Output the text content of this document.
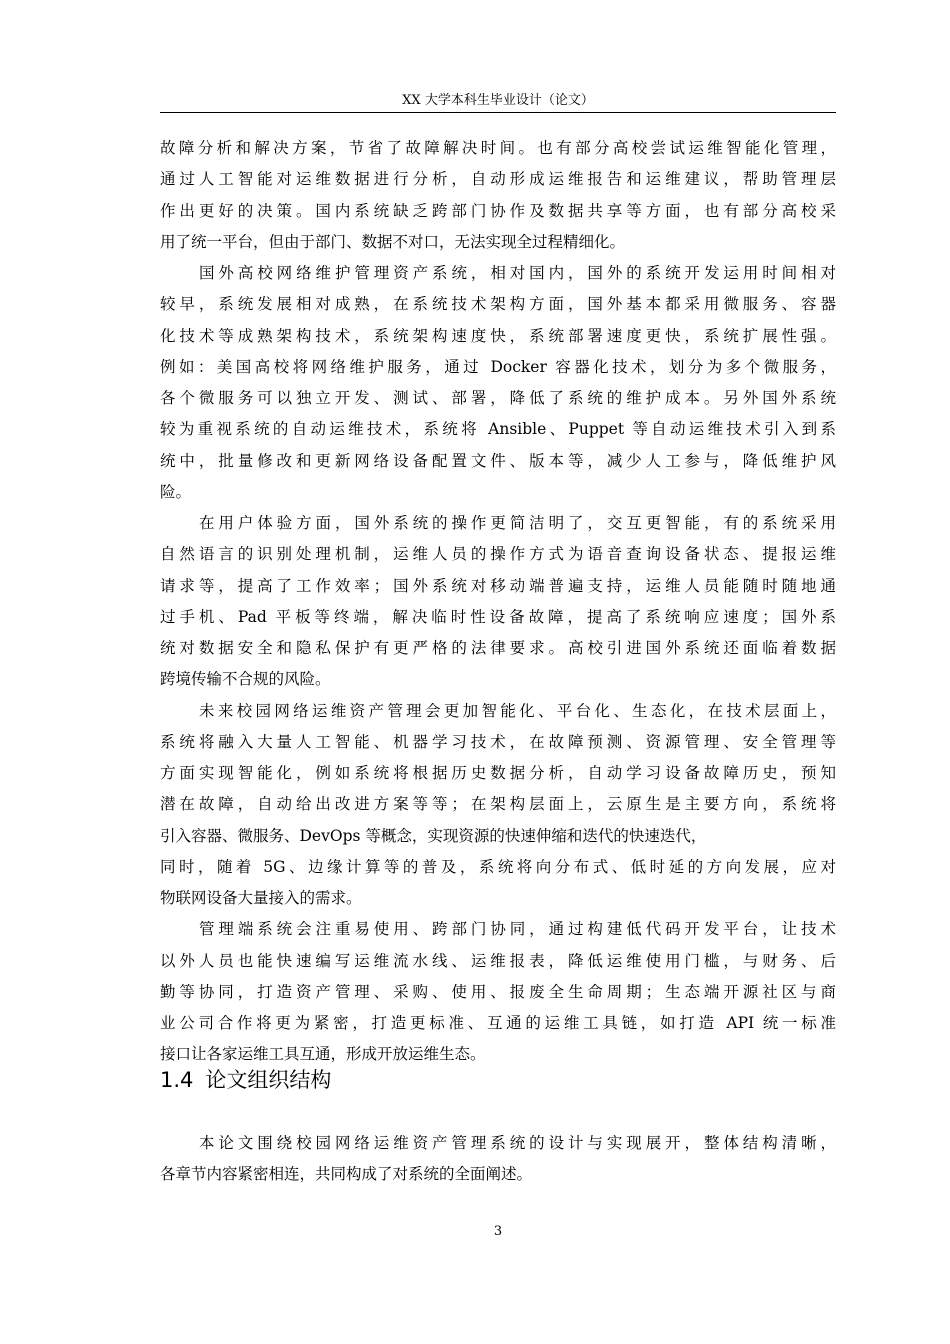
XX 大学本科生毕业设计（论文）
故障分析和解决方案，节省了故障解决时间。也有部分高校尝试运维智能化管理，
通过人工智能对运维数据进行分析，自动形成运维报告和运维建议，帮助管理层
作出更好的决策。国内系统缺乏跨部门协作及数据共享等方面，也有部分高校采
用了统一平台，但由于部门、数据不对口，无法实现全过程精细化。
国外高校网络维护管理资产系统，相对国内，国外的系统开发运用时间相对
较早，系统发展相对成熟，在系统技术架构方面，国外基本都采用微服务、容器
化技术等成熟架构技术，系统架构速度快，系统部署速度更快，系统扩展性强。
例如：美国高校将网络维护服务，通过 Docker 容器化技术，划分为多个微服务，
各个微服务可以独立开发、测试、部署，降低了系统的维护成本。另外国外系统
较为重视系统的自动运维技术，系统将 Ansible、Puppet 等自动运维技术引入到系
统中，批量修改和更新网络设备配置文件、版本等，减少人工参与，降低维护风
险。
在用户体验方面，国外系统的操作更简洁明了，交互更智能，有的系统采用
自然语言的识别处理机制，运维人员的操作方式为语音查询设备状态、提报运维
请求等，提高了工作效率；国外系统对移动端普遍支持，运维人员能随时随地通
过手机、Pad 平板等终端，解决临时性设备故障，提高了系统响应速度；国外系
统对数据安全和隐私保护有更严格的法律要求。高校引进国外系统还面临着数据
跨境传输不合规的风险。
未来校园网络运维资产管理会更加智能化、平台化、生态化，在技术层面上，
系统将融入大量人工智能、机器学习技术，在故障预测、资源管理、安全管理等
方面实现智能化，例如系统将根据历史数据分析，自动学习设备故障历史，预知
潜在故障，自动给出改进方案等等；在架构层面上，云原生是主要方向，系统将
引入容器、微服务、DevOps 等概念，实现资源的快速伸缩和迭代的快速迭代，
同时，随着 5G、边缘计算等的普及，系统将向分布式、低时延的方向发展，应对
物联网设备大量接入的需求。
管理端系统会注重易使用、跨部门协同，通过构建低代码开发平台，让技术
以外人员也能快速编写运维流水线、运维报表，降低运维使用门槛，与财务、后
勤等协同，打造资产管理、采购、使用、报废全生命周期；生态端开源社区与商
业公司合作将更为紧密，打造更标准、互通的运维工具链，如打造 API 统一标准
接口让各家运维工具互通，形成开放运维生态。
1.4 论文组织结构
本论文围绕校园网络运维资产管理系统的设计与实现展开，整体结构清晰，
各章节内容紧密相连，共同构成了对系统的全面阐述。
3
